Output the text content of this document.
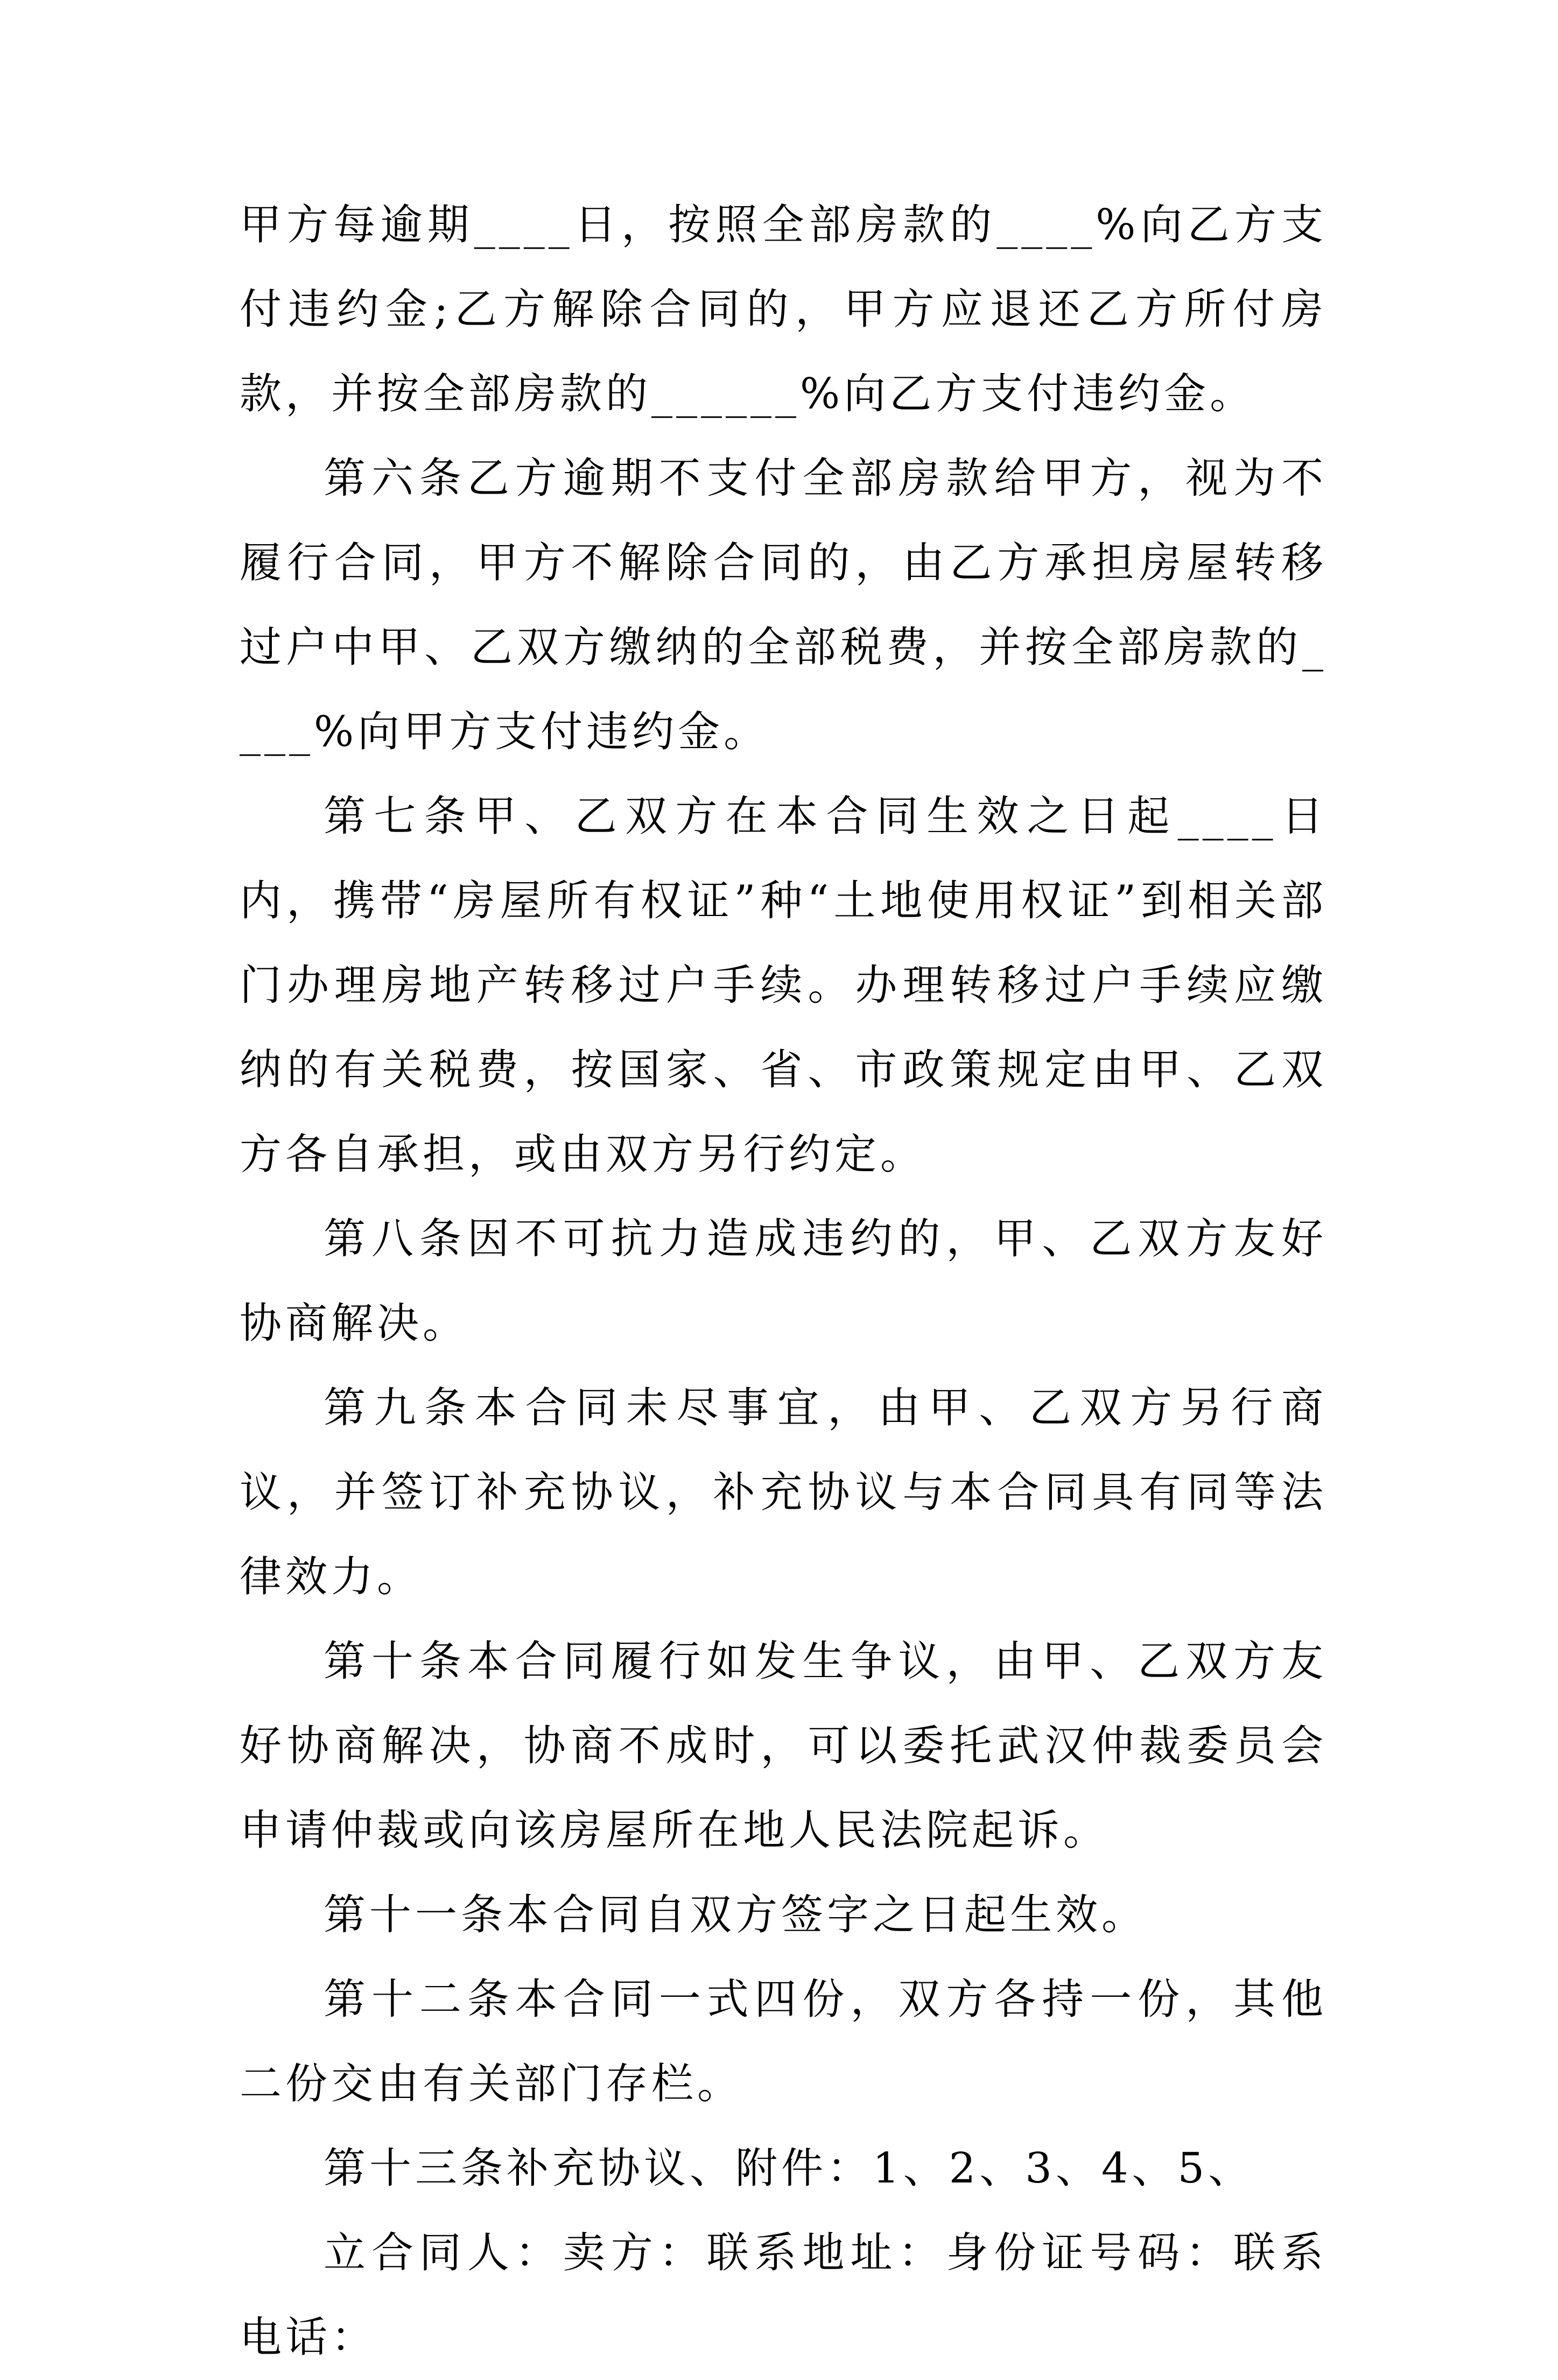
甲方每逾期____日，按照全部房款的____%向乙方支付违约金;乙方解除合同的，甲方应退还乙方所付房款，并按全部房款的______%向乙方支付违约金。

第六条乙方逾期不支付全部房款给甲方，视为不履行合同，甲方不解除合同的，由乙方承担房屋转移过户中甲、乙双方缴纳的全部税费，并按全部房款的____%向甲方支付违约金。

第七条甲、乙双方在本合同生效之日起____日内，携带“房屋所有权证”种“土地使用权证”到相关部门办理房地产转移过户手续。办理转移过户手续应缴纳的有关税费，按国家、省、市政策规定由甲、乙双方各自承担，或由双方另行约定。

第八条因不可抗力造成违约的，甲、乙双方友好协商解决。

第九条本合同未尽事宜，由甲、乙双方另行商议，并签订补充协议，补充协议与本合同具有同等法律效力。

第十条本合同履行如发生争议，由甲、乙双方友好协商解决，协商不成时，可以委托武汉仲裁委员会申请仲裁或向该房屋所在地人民法院起诉。

第十一条本合同自双方签字之日起生效。

第十二条本合同一式四份，双方各持一份，其他二份交由有关部门存栏。

第十三条补充协议、附件：1、2、3、4、5、

立合同人：卖方：联系地址：身份证号码：联系电话：
